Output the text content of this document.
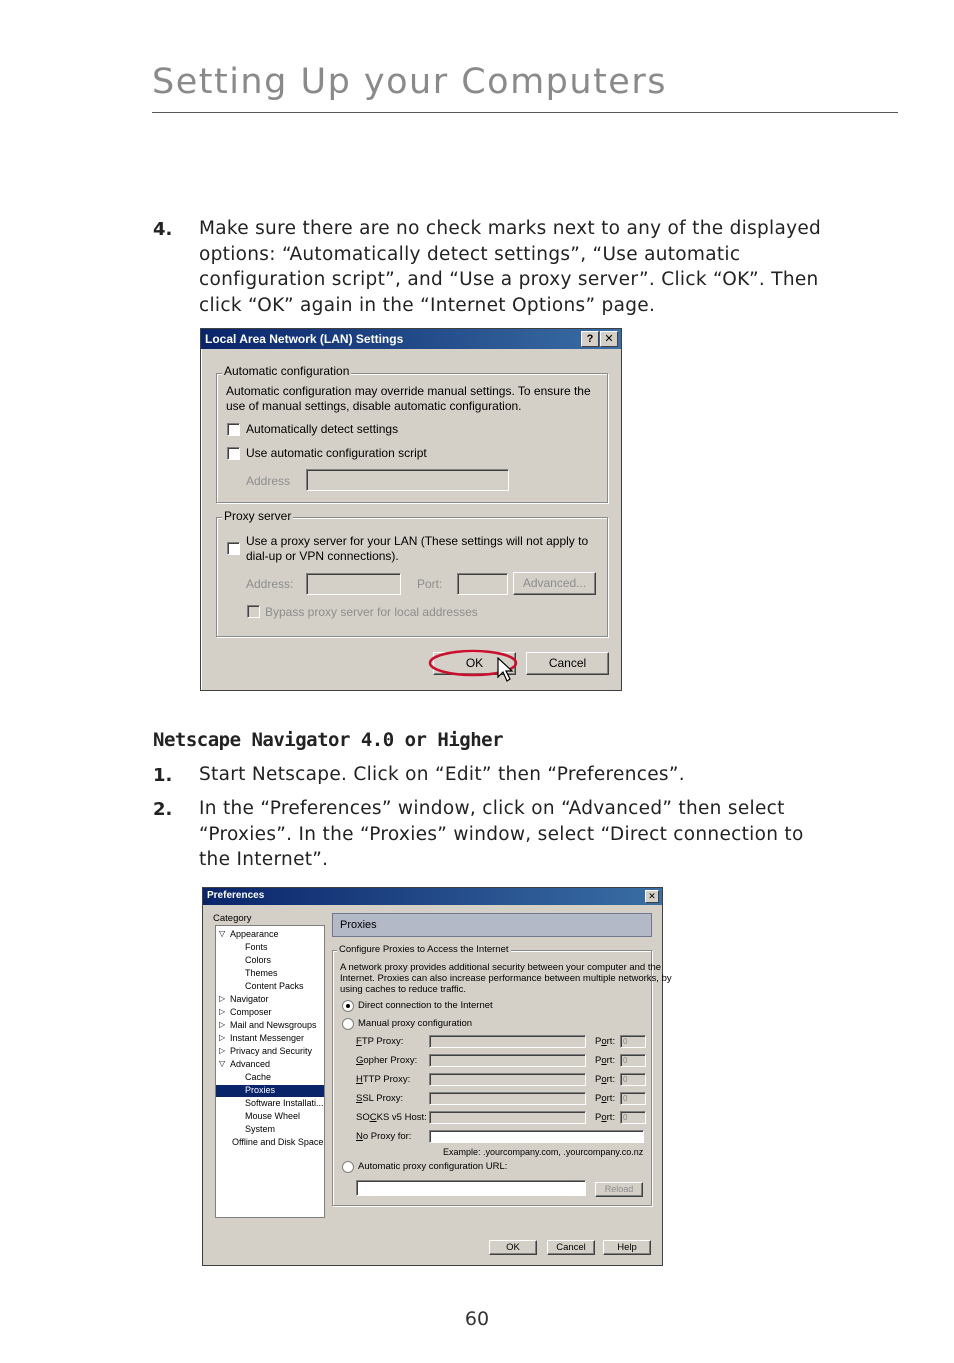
Setting Up your Computers
4. Make sure there are no check marks next to any of the displayed
options: “Automatically detect settings”, “Use automatic
configuration script”, and “Use a proxy server”. Click “OK”. Then
click “OK” again in the “Internet Options” page.
Local Area Network (LAN) Settings	?	✕
Automatic configuration
Automatic configuration may override manual settings. To ensure the
use of manual settings, disable automatic configuration.
Automatically detect settings
Use automatic configuration script
Address
Proxy server
Use a proxy server for your LAN (These settings will not apply to
dial-up or VPN connections).
Address:	Port:	Advanced...
Bypass proxy server for local addresses
OK	Cancel
Netscape Navigator 4.0 or Higher
1. Start Netscape. Click on “Edit” then “Preferences”.
2. In the “Preferences” window, click on “Advanced” then select
“Proxies”. In the “Proxies” window, select “Direct connection to
the Internet”.
Preferences	✕
Category
▽ Appearance
Fonts
Colors
Themes
Content Packs
▷ Navigator
▷ Composer
▷ Mail and Newsgroups
▷ Instant Messenger
▷ Privacy and Security
▽ Advanced
Cache
Proxies
Software Installati...
Mouse Wheel
System
Offline and Disk Space
Proxies
Configure Proxies to Access the Internet
A network proxy provides additional security between your computer and the
Internet. Proxies can also increase performance between multiple networks, by
using caches to reduce traffic.
Direct connection to the Internet
Manual proxy configuration
FTP Proxy:	Port: 0
Gopher Proxy:	Port: 0
HTTP Proxy:	Port: 0
SSL Proxy:	Port: 0
SOCKS v5 Host:	Port: 0
No Proxy for:
Example: .yourcompany.com, .yourcompany.co.nz
Automatic proxy configuration URL:
Reload
OK	Cancel	Help
60
